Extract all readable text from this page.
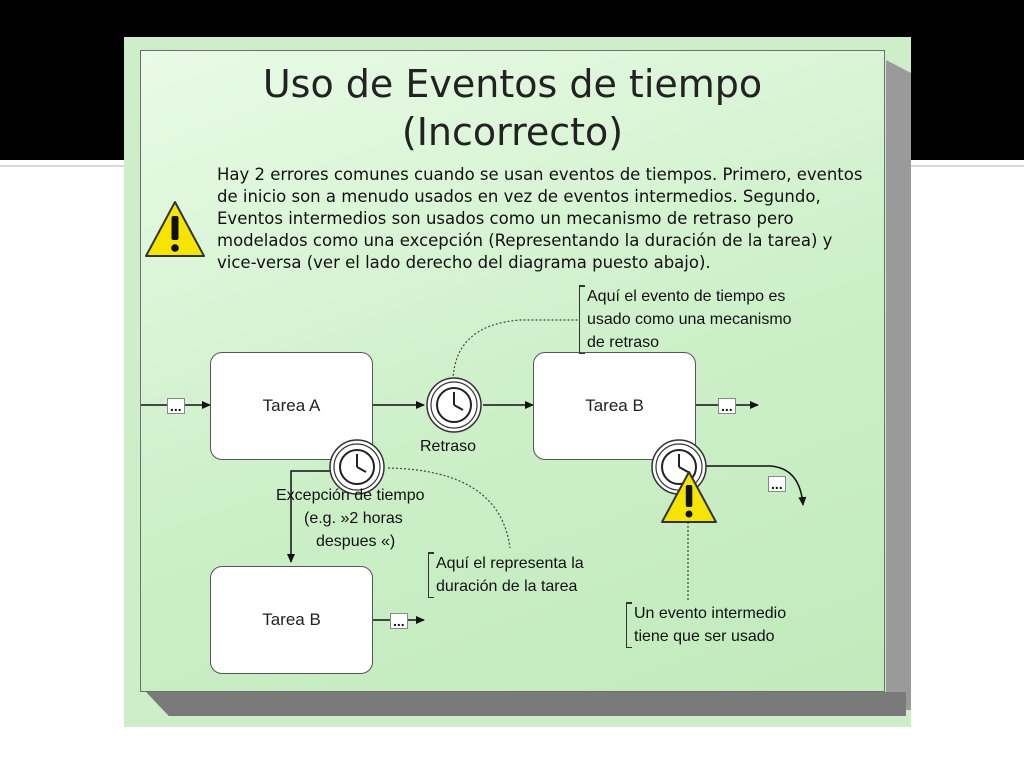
Uso de Eventos de tiempo
(Incorrecto)

Hay 2 errores comunes cuando se usan eventos de tiempos. Primero, eventos de inicio son a menudo usados en vez de eventos intermedios. Segundo, Eventos intermedios son usados como un mecanismo de retraso pero modelados como una excepción (Representando la duración de la tarea) y vice-versa (ver el lado derecho del diagrama puesto abajo).

Tarea A	Tarea B
Tarea B
...	...
...
...
Retraso
Excepción de tiempo
(e.g. »2 horas
despues «)
Aquí el evento de tiempo es
usado como una mecanismo
de retraso
Aquí el representa la
duración de la tarea
Un evento intermedio
tiene que ser usado
